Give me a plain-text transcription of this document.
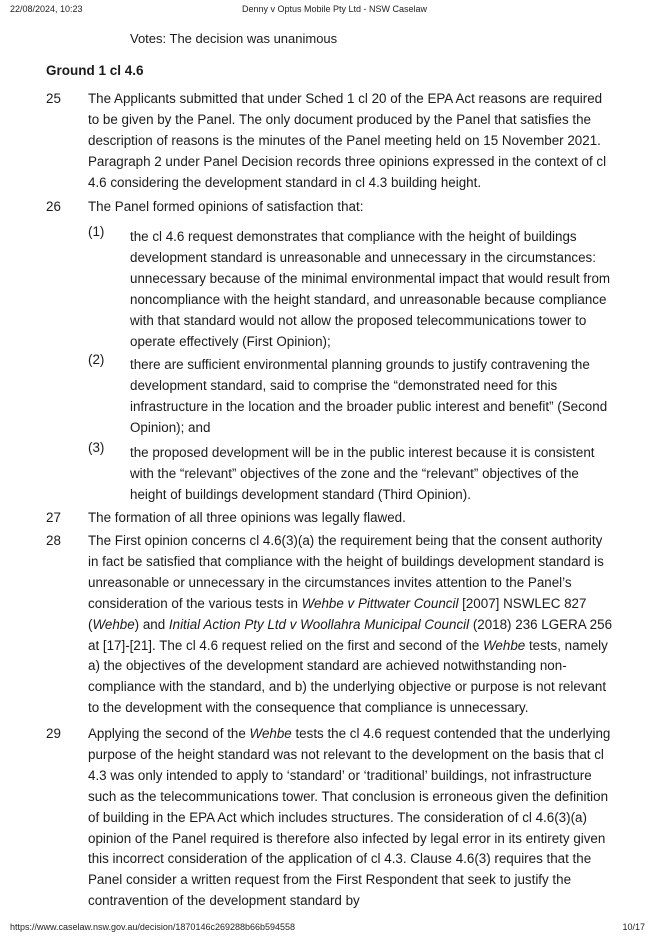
22/08/2024, 10:23	Denny v Optus Mobile Pty Ltd - NSW Caselaw
Votes: The decision was unanimous
Ground 1 cl 4.6
25	The Applicants submitted that under Sched 1 cl 20 of the EPA Act reasons are required to be given by the Panel. The only document produced by the Panel that satisfies the description of reasons is the minutes of the Panel meeting held on 15 November 2021. Paragraph 2 under Panel Decision records three opinions expressed in the context of cl 4.6 considering the development standard in cl 4.3 building height.
26	The Panel formed opinions of satisfaction that:
(1) the cl 4.6 request demonstrates that compliance with the height of buildings development standard is unreasonable and unnecessary in the circumstances: unnecessary because of the minimal environmental impact that would result from noncompliance with the height standard, and unreasonable because compliance with that standard would not allow the proposed telecommunications tower to operate effectively (First Opinion);
(2) there are sufficient environmental planning grounds to justify contravening the development standard, said to comprise the “demonstrated need for this infrastructure in the location and the broader public interest and benefit” (Second Opinion); and
(3) the proposed development will be in the public interest because it is consistent with the “relevant” objectives of the zone and the “relevant” objectives of the height of buildings development standard (Third Opinion).
27	The formation of all three opinions was legally flawed.
28	The First opinion concerns cl 4.6(3)(a) the requirement being that the consent authority in fact be satisfied that compliance with the height of buildings development standard is unreasonable or unnecessary in the circumstances invites attention to the Panel’s consideration of the various tests in Wehbe v Pittwater Council [2007] NSWLEC 827 (Wehbe) and Initial Action Pty Ltd v Woollahra Municipal Council (2018) 236 LGERA 256 at [17]-[21]. The cl 4.6 request relied on the first and second of the Wehbe tests, namely a) the objectives of the development standard are achieved notwithstanding non-compliance with the standard, and b) the underlying objective or purpose is not relevant to the development with the consequence that compliance is unnecessary.
29	Applying the second of the Wehbe tests the cl 4.6 request contended that the underlying purpose of the height standard was not relevant to the development on the basis that cl 4.3 was only intended to apply to ‘standard’ or ‘traditional’ buildings, not infrastructure such as the telecommunications tower. That conclusion is erroneous given the definition of building in the EPA Act which includes structures. The consideration of cl 4.6(3)(a) opinion of the Panel required is therefore also infected by legal error in its entirety given this incorrect consideration of the application of cl 4.3. Clause 4.6(3) requires that the Panel consider a written request from the First Respondent that seek to justify the contravention of the development standard by
https://www.caselaw.nsw.gov.au/decision/1870146c269288b66b594558	10/17
